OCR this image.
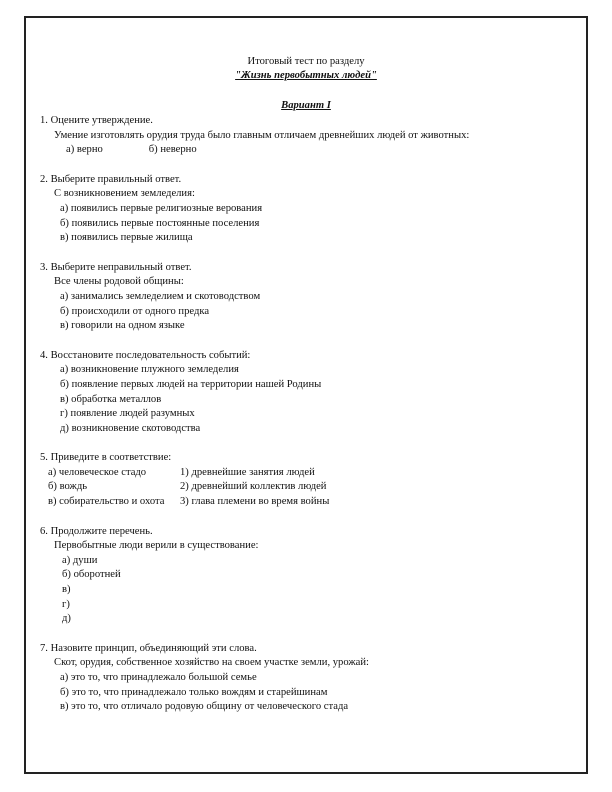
Итоговый тест по разделу
"Жизнь первобытных людей"
Вариант I
1. Оцените утверждение.
Умение изготовлять орудия труда было главным отличаем древнейших людей от животных:
а) верно	б) неверно
2. Выберите правильный ответ.
С возникновением земледелия:
а) появились первые религиозные верования
б) появились первые постоянные поселения
в) появились первые жилища
3. Выберите неправильный ответ.
Все члены родовой общины:
а) занимались земледелием и скотоводством
б) происходили от одного предка
в) говорили на одном языке
4. Восстановите последовательность событий:
а) возникновение плужного земледелия
б) появление первых людей на территории нашей Родины
в) обработка металлов
г) появление людей разумных
д) возникновение скотоводства
5. Приведите в соответствие:
а) человеческое стадо	1) древнейшие занятия людей
б) вождь	2) древнейший коллектив людей
в) собирательство и охота	3) глава племени во время войны
6. Продолжите перечень.
Первобытные люди верили в существование:
а) души
б) оборотней
в)
г)
д)
7. Назовите принцип, объединяющий эти слова.
Скот, орудия, собственное хозяйство на своем участке земли, урожай:
а) это то, что принадлежало большой семье
б) это то, что принадлежало только вождям и старейшинам
в) это то, что отличало родовую общину от человеческого стада
